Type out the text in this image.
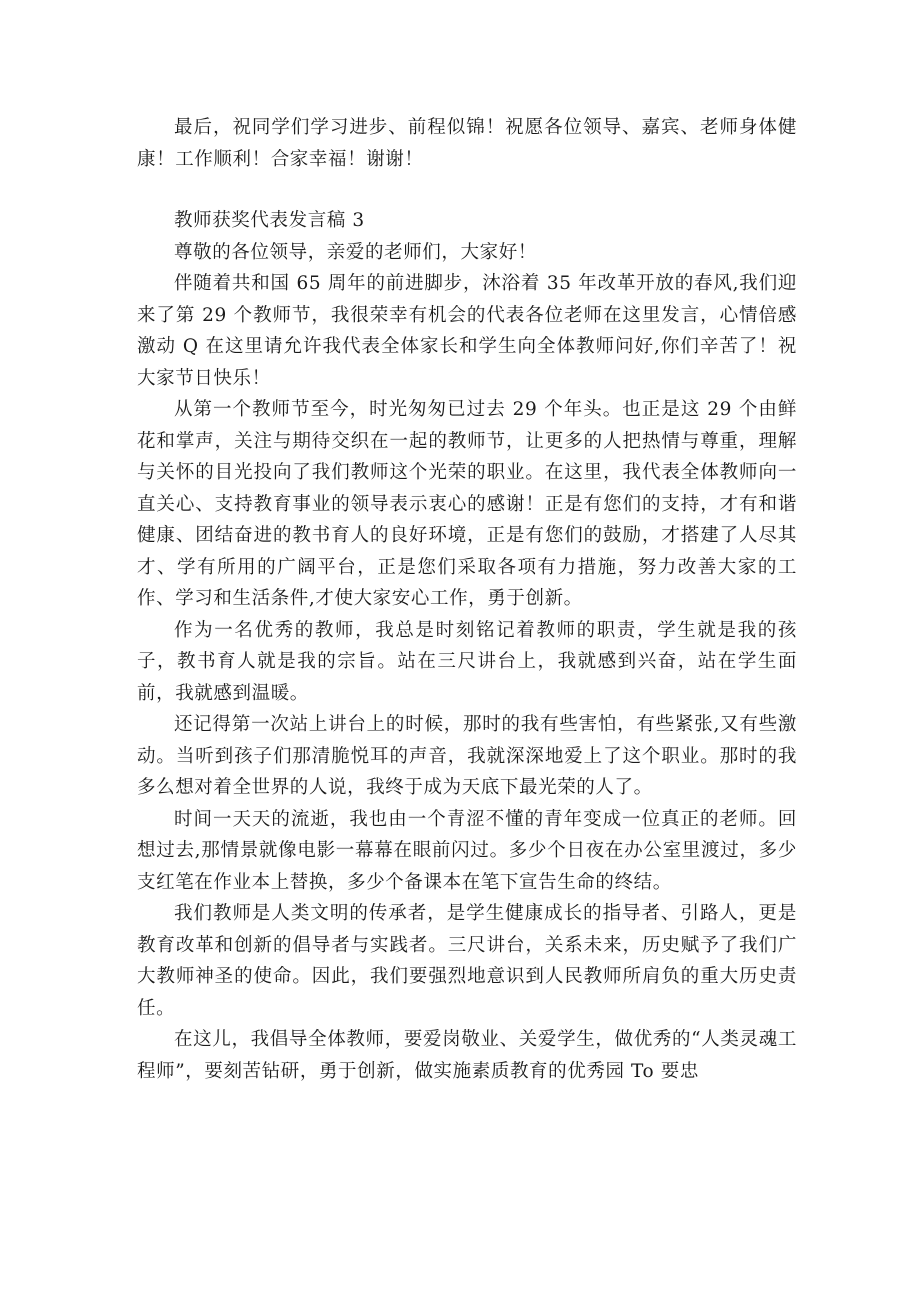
最后，祝同学们学习进步、前程似锦！祝愿各位领导、嘉宾、老师身体健康！工作顺利！合家幸福！谢谢！

教师获奖代表发言稿 3

尊敬的各位领导，亲爱的老师们，大家好！

伴随着共和国 65 周年的前进脚步，沐浴着 35 年改革开放的春风,我们迎来了第 29 个教师节，我很荣幸有机会的代表各位老师在这里发言，心情倍感激动 Q 在这里请允许我代表全体家长和学生向全体教师问好,你们辛苦了！祝大家节日快乐！

从第一个教师节至今，时光匆匆已过去 29 个年头。也正是这 29 个由鲜花和掌声，关注与期待交织在一起的教师节，让更多的人把热情与尊重，理解与关怀的目光投向了我们教师这个光荣的职业。在这里，我代表全体教师向一直关心、支持教育事业的领导表示衷心的感谢！正是有您们的支持，才有和谐健康、团结奋进的教书育人的良好环境，正是有您们的鼓励，才搭建了人尽其才、学有所用的广阔平台，正是您们采取各项有力措施，努力改善大家的工作、学习和生活条件,才使大家安心工作，勇于创新。

作为一名优秀的教师，我总是时刻铭记着教师的职责，学生就是我的孩子，教书育人就是我的宗旨。站在三尺讲台上，我就感到兴奋，站在学生面前，我就感到温暖。

还记得第一次站上讲台上的时候，那时的我有些害怕，有些紧张,又有些激动。当听到孩子们那清脆悦耳的声音，我就深深地爱上了这个职业。那时的我多么想对着全世界的人说，我终于成为天底下最光荣的人了。

时间一天天的流逝，我也由一个青涩不懂的青年变成一位真正的老师。回想过去,那情景就像电影一幕幕在眼前闪过。多少个日夜在办公室里渡过，多少支红笔在作业本上替换，多少个备课本在笔下宣告生命的终结。

我们教师是人类文明的传承者，是学生健康成长的指导者、引路人，更是教育改革和创新的倡导者与实践者。三尺讲台，关系未来，历史赋予了我们广大教师神圣的使命。因此，我们要强烈地意识到人民教师所肩负的重大历史责任。

在这儿，我倡导全体教师，要爱岗敬业、关爱学生，做优秀的“人类灵魂工程师”，要刻苦钻研，勇于创新，做实施素质教育的优秀园 To 要忠
